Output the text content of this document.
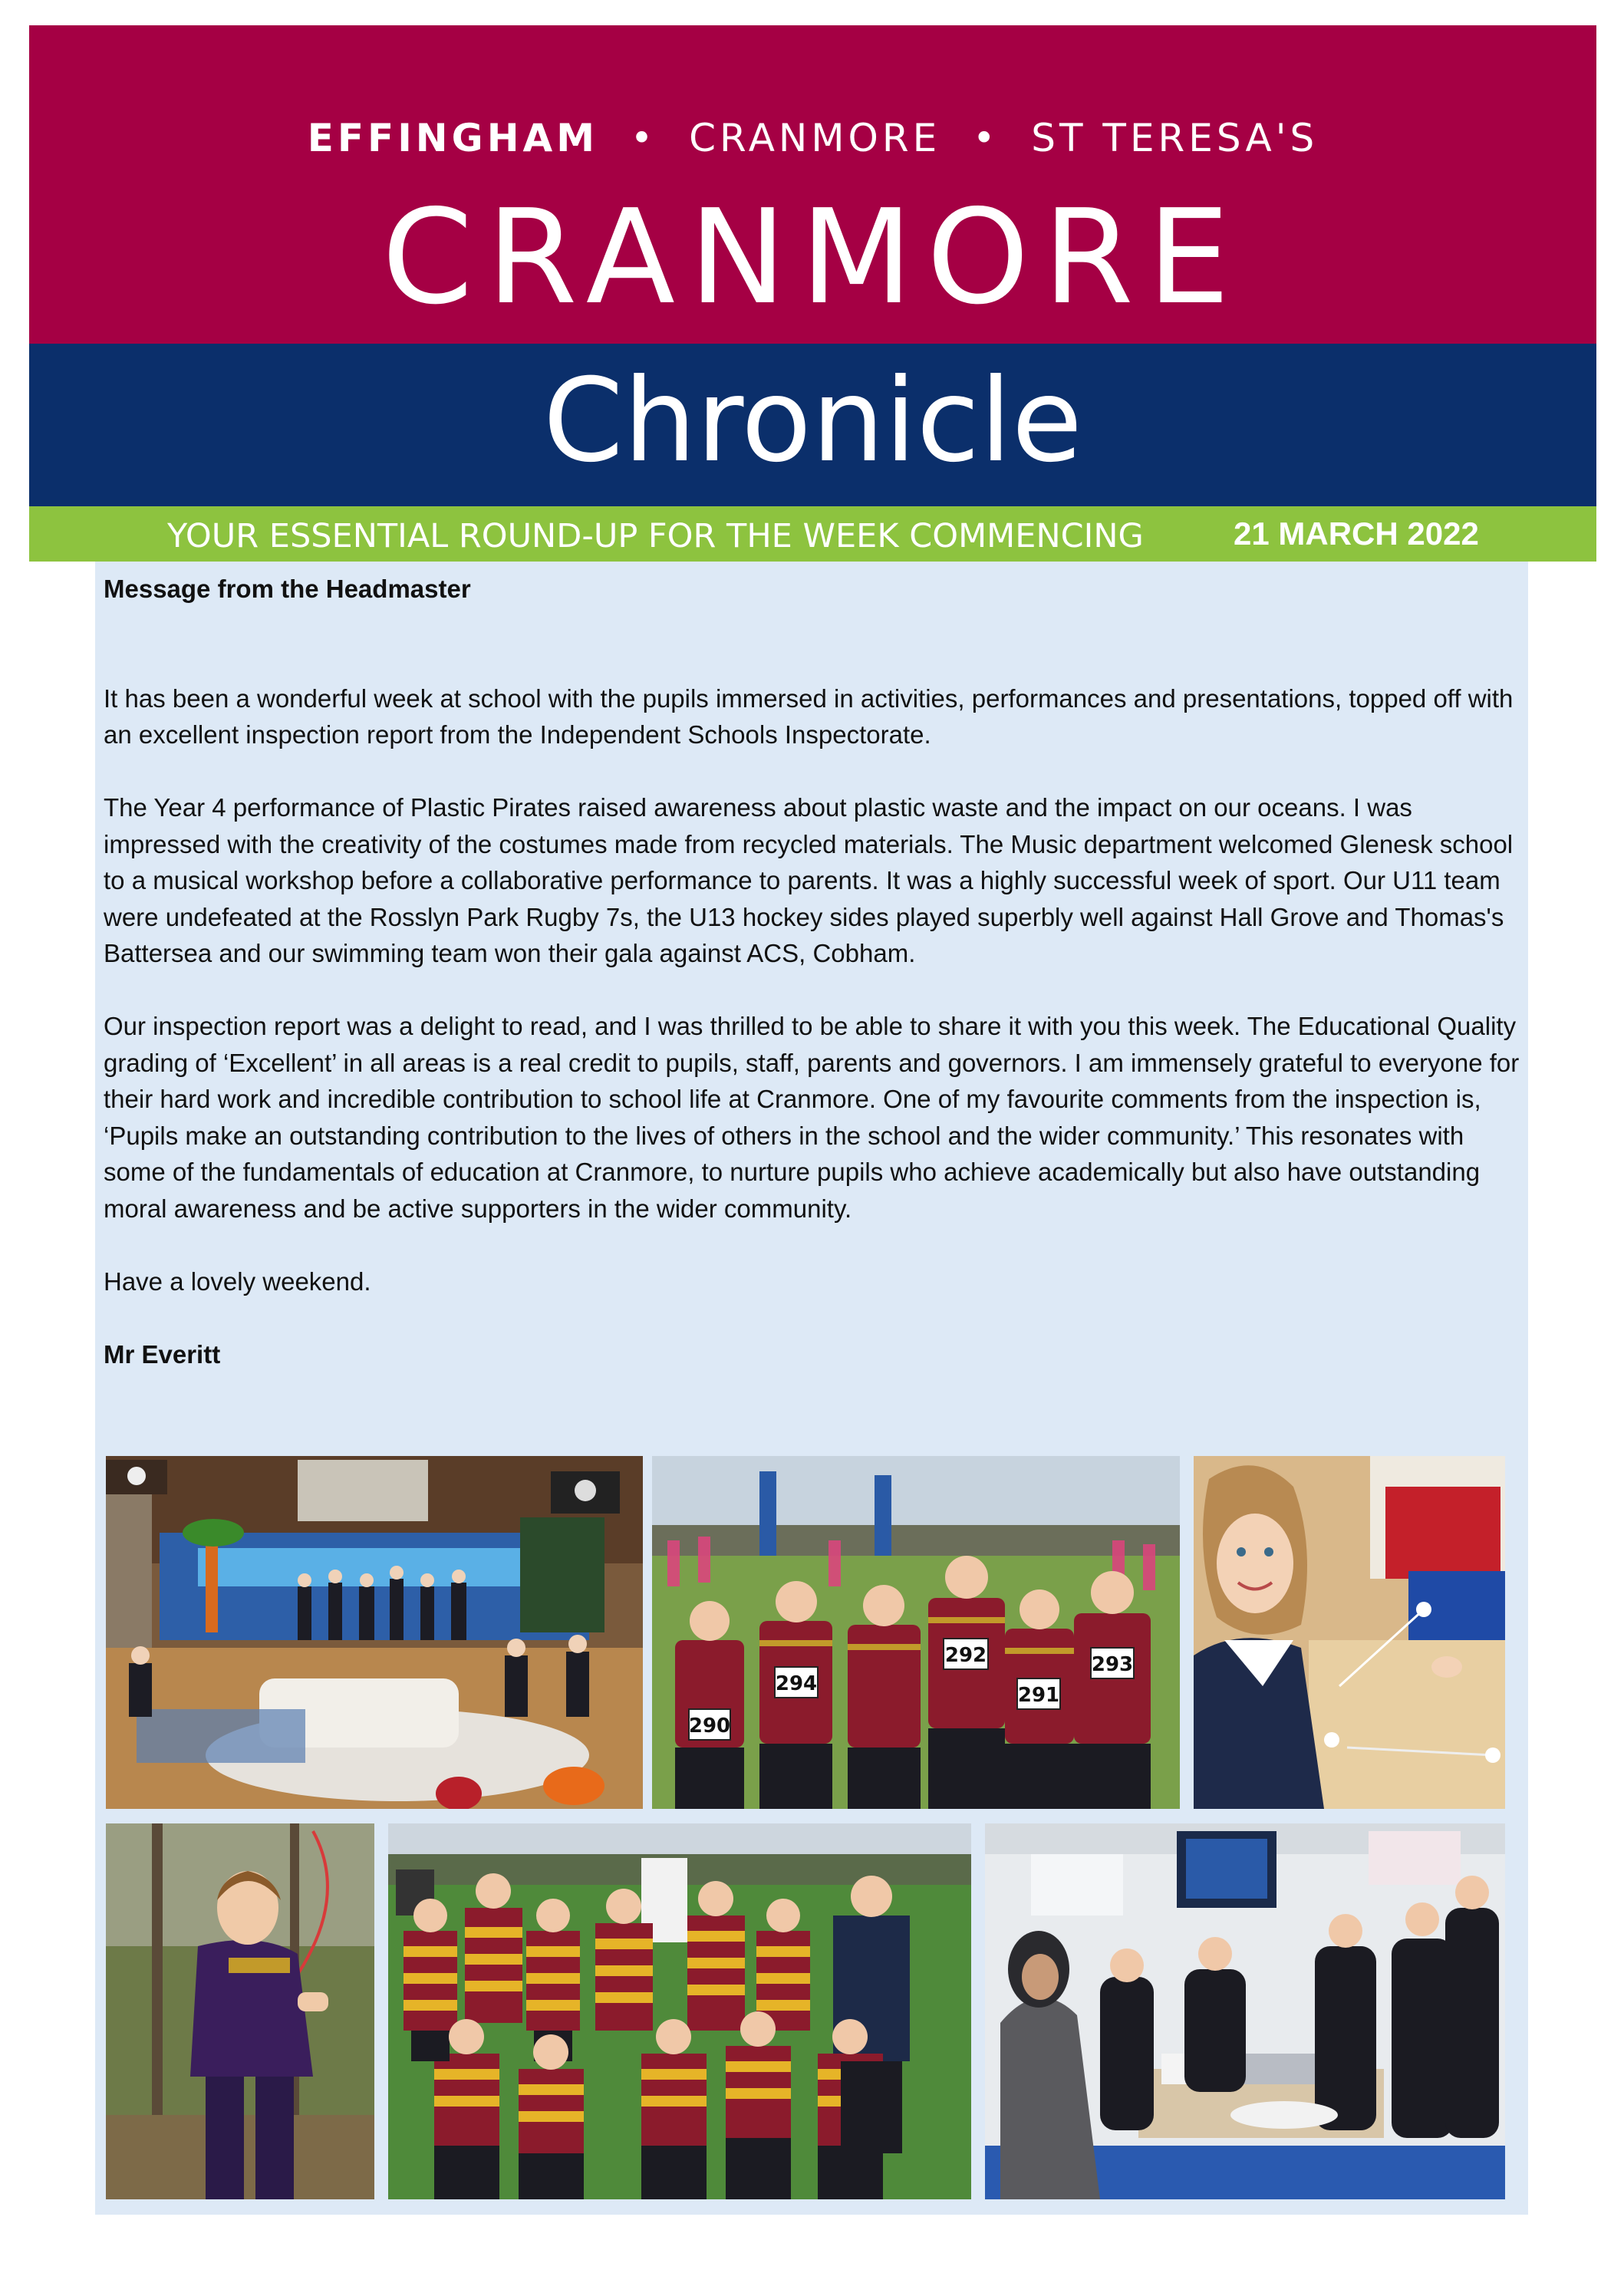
EFFINGHAM • CRANMORE • ST TERESA'S
CRANMORE
Chronicle
YOUR ESSENTIAL ROUND-UP FOR THE WEEK COMMENCING	21 MARCH 2022

Message from the Headmaster

It has been a wonderful week at school with the pupils immersed in activities, performances and presentations, topped off with an excellent inspection report from the Independent Schools Inspectorate.

The Year 4 performance of Plastic Pirates raised awareness about plastic waste and the impact on our oceans. I was impressed with the creativity of the costumes made from recycled materials. The Music department welcomed Glenesk school to a musical workshop before a collaborative performance to parents. It was a highly successful week of sport. Our U11 team were undefeated at the Rosslyn Park Rugby 7s, the U13 hockey sides played superbly well against Hall Grove and Thomas's Battersea and our swimming team won their gala against ACS, Cobham.

Our inspection report was a delight to read, and I was thrilled to be able to share it with you this week. The Educational Quality grading of ‘Excellent’ in all areas is a real credit to pupils, staff, parents and governors. I am immensely grateful to everyone for their hard work and incredible contribution to school life at Cranmore. One of my favourite comments from the inspection is, ‘Pupils make an outstanding contribution to the lives of others in the school and the wider community.’ This resonates with some of the fundamentals of education at Cranmore, to nurture pupils who achieve academically but also have outstanding moral awareness and be active supporters in the wider community.

Have a lovely weekend.

Mr Everitt

290
294
292
291
293
